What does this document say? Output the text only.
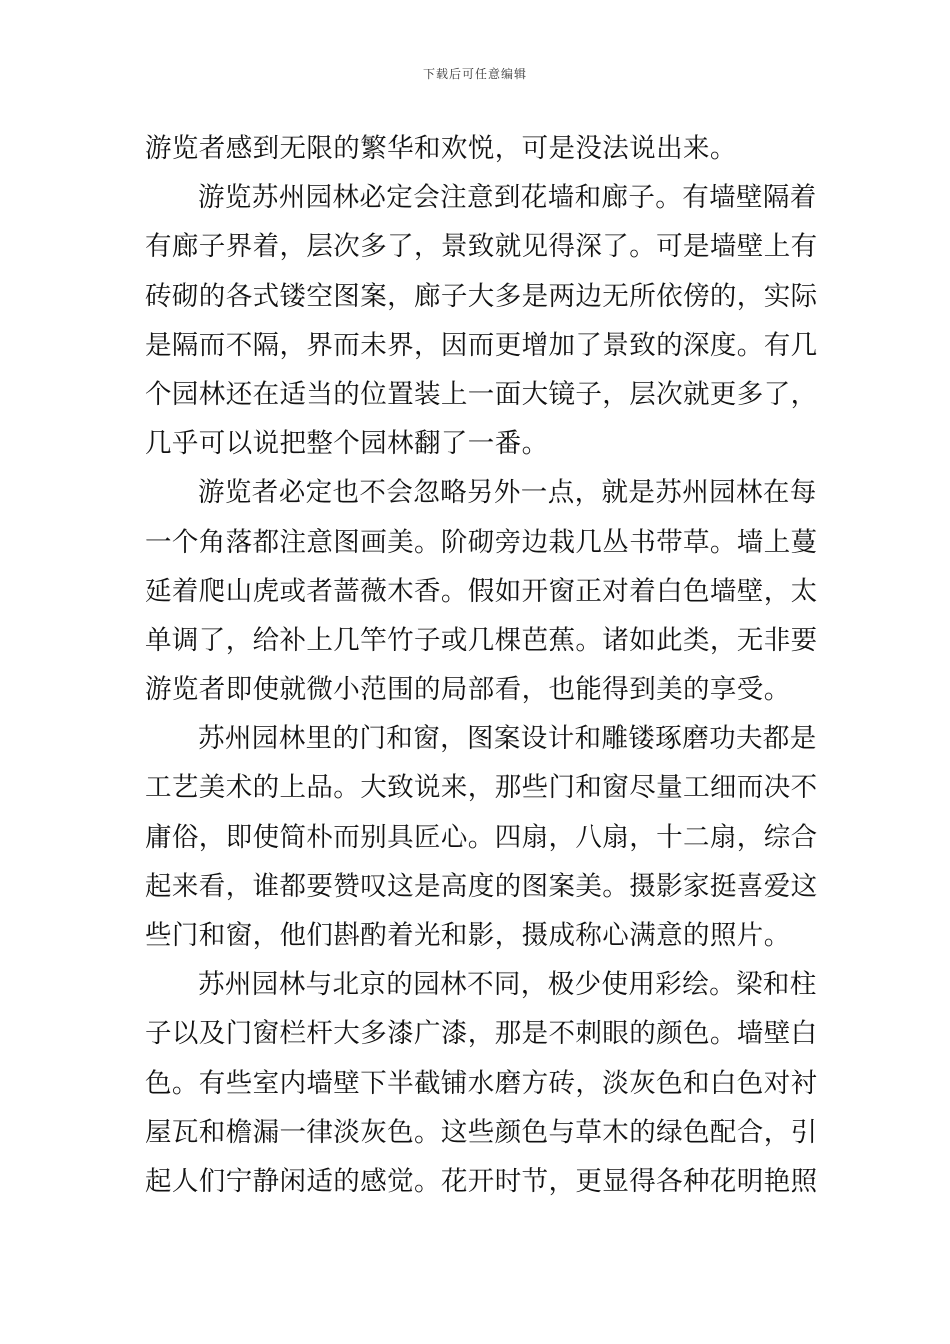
下载后可任意编辑
游览者感到无限的繁华和欢悦，可是没法说出来。
游览苏州园林必定会注意到花墙和廊子。有墙壁隔着
有廊子界着，层次多了，景致就见得深了。可是墙壁上有
砖砌的各式镂空图案，廊子大多是两边无所依傍的，实际
是隔而不隔，界而未界，因而更增加了景致的深度。有几
个园林还在适当的位置装上一面大镜子，层次就更多了，
几乎可以说把整个园林翻了一番。
游览者必定也不会忽略另外一点，就是苏州园林在每
一个角落都注意图画美。阶砌旁边栽几丛书带草。墙上蔓
延着爬山虎或者蔷薇木香。假如开窗正对着白色墙壁，太
单调了，给补上几竿竹子或几棵芭蕉。诸如此类，无非要
游览者即使就微小范围的局部看，也能得到美的享受。
苏州园林里的门和窗，图案设计和雕镂琢磨功夫都是
工艺美术的上品。大致说来，那些门和窗尽量工细而决不
庸俗，即使简朴而别具匠心。四扇，八扇，十二扇，综合
起来看，谁都要赞叹这是高度的图案美。摄影家挺喜爱这
些门和窗，他们斟酌着光和影，摄成称心满意的照片。
苏州园林与北京的园林不同，极少使用彩绘。梁和柱
子以及门窗栏杆大多漆广漆，那是不刺眼的颜色。墙壁白
色。有些室内墙壁下半截铺水磨方砖，淡灰色和白色对衬
屋瓦和檐漏一律淡灰色。这些颜色与草木的绿色配合，引
起人们宁静闲适的感觉。花开时节，更显得各种花明艳照
